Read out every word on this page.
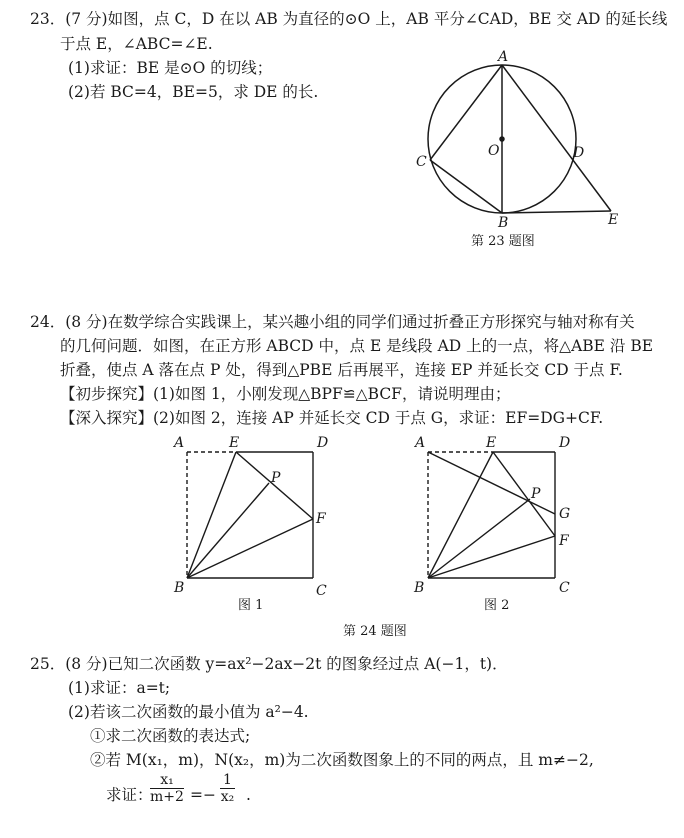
23．(7 分)如图，点 C，D 在以 AB 为直径的⊙O 上，AB 平分∠CAD，BE 交 AD 的延长线
于点 E，∠ABC=∠E.
(1)求证：BE 是⊙O 的切线；
(2)若 BC=4，BE=5，求 DE 的长.
A
O
C
D
B	E
A	E	D
P
F
B	C
A	E	D
P
G
F
B	C
第 23 题图
24．(8 分)在数学综合实践课上，某兴趣小组的同学们通过折叠正方形探究与轴对称有关
的几何问题．如图，在正方形 ABCD 中，点 E 是线段 AD 上的一点，将△ABE 沿 BE
折叠，使点 A 落在点 P 处，得到△PBE 后再展平，连接 EP 并延长交 CD 于点 F.
【初步探究】(1)如图 1，小刚发现△BPF≌△BCF，请说明理由；
【深入探究】(2)如图 2，连接 AP 并延长交 CD 于点 G，求证：EF=DG+CF.
图 1	图 2
第 24 题图
25．(8 分)已知二次函数 y=ax²−2ax−2t 的图象经过点 A(−1，t)．
(1)求证：a=t;
(2)若该二次函数的最小值为 a²−4.
①求二次函数的表达式;
②若 M(x₁，m)，N(x₂，m)为二次函数图象上的不同的两点，且 m≠−2,
求证：
$\frac{\text{x₁}}{m+2} =- \frac{1}{\text{x₂}}$ .
